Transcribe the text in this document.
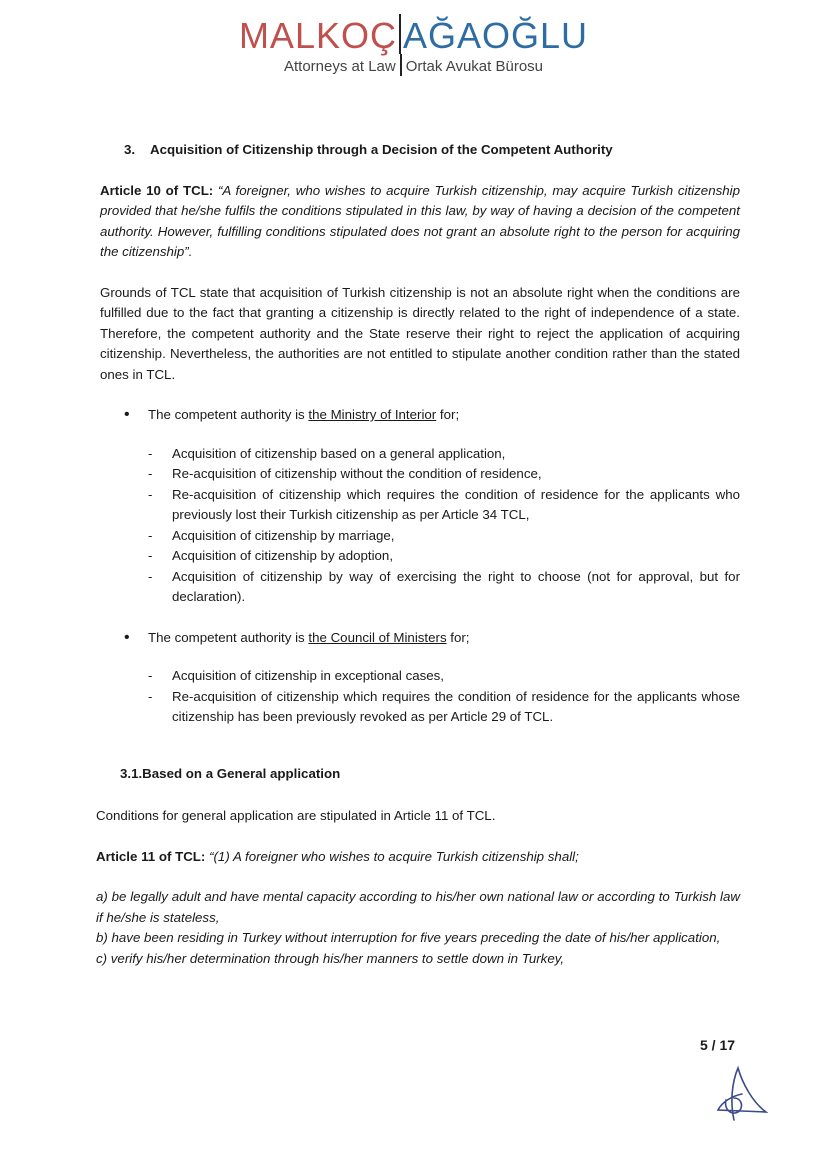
MALKOÇ AĞAOĞLU
Attorneys at Law Ortak Avukat Bürosu
3. Acquisition of Citizenship through a Decision of the Competent Authority

Article 10 of TCL: “A foreigner, who wishes to acquire Turkish citizenship, may acquire Turkish citizenship provided that he/she fulfils the conditions stipulated in this law, by way of having a decision of the competent authority. However, fulfilling conditions stipulated does not grant an absolute right to the person for acquiring the citizenship”.

Grounds of TCL state that acquisition of Turkish citizenship is not an absolute right when the conditions are fulfilled due to the fact that granting a citizenship is directly related to the right of independence of a state. Therefore, the competent authority and the State reserve their right to reject the application of acquiring citizenship. Nevertheless, the authorities are not entitled to stipulate another condition rather than the stated ones in TCL.

• The competent authority is the Ministry of Interior for;
- Acquisition of citizenship based on a general application,
- Re-acquisition of citizenship without the condition of residence,
- Re-acquisition of citizenship which requires the condition of residence for the applicants who previously lost their Turkish citizenship as per Article 34 TCL,
- Acquisition of citizenship by marriage,
- Acquisition of citizenship by adoption,
- Acquisition of citizenship by way of exercising the right to choose (not for approval, but for declaration).
• The competent authority is the Council of Ministers for;
- Acquisition of citizenship in exceptional cases,
- Re-acquisition of citizenship which requires the condition of residence for the applicants whose citizenship has been previously revoked as per Article 29 of TCL.
3.1.Based on a General application

Conditions for general application are stipulated in Article 11 of TCL.

Article 11 of TCL: “(1) A foreigner who wishes to acquire Turkish citizenship shall;

a) be legally adult and have mental capacity according to his/her own national law or according to Turkish law if he/she is stateless,

b) have been residing in Turkey without interruption for five years preceding the date of his/her application,

c) verify his/her determination through his/her manners to settle down in Turkey,

5 / 17
